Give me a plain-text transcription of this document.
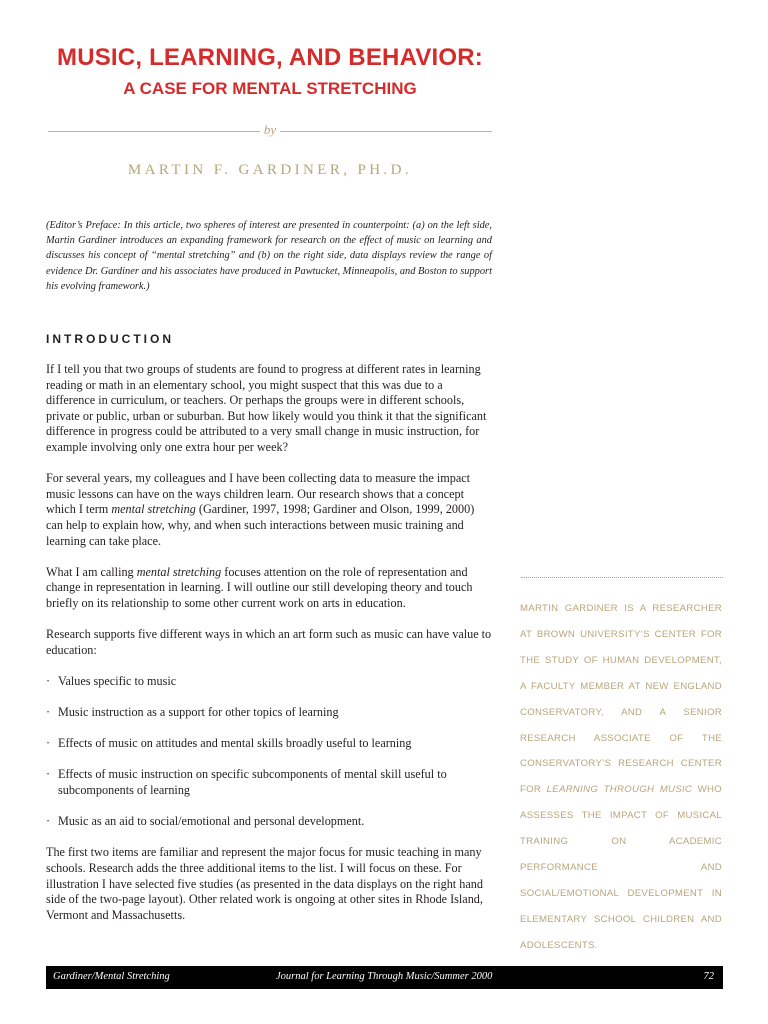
MUSIC, LEARNING, AND BEHAVIOR:
A CASE FOR MENTAL STRETCHING
by
MARTIN F. GARDINER, PH.D.

(Editor’s Preface: In this article, two spheres of interest are presented in counterpoint: (a) on the left side, Martin Gardiner introduces an expanding framework for research on the effect of music on learning and discusses his concept of “mental stretching” and (b) on the right side, data displays review the range of evidence Dr. Gardiner and his associates have produced in Pawtucket, Minneapolis, and Boston to support his evolving framework.)

INTRODUCTION

If I tell you that two groups of students are found to progress at different rates in learning reading or math in an elementary school, you might suspect that this was due to a difference in curriculum, or teachers. Or perhaps the groups were in different schools, private or public, urban or suburban. But how likely would you think it that the significant difference in progress could be attributed to a very small change in music instruction, for example involving only one extra hour per week?

For several years, my colleagues and I have been collecting data to measure the impact music lessons can have on the ways children learn. Our research shows that a concept which I term mental stretching (Gardiner, 1997, 1998; Gardiner and Olson, 1999, 2000) can help to explain how, why, and when such interactions between music training and learning can take place.

What I am calling mental stretching focuses attention on the role of representation and change in representation in learning. I will outline our still developing theory and touch briefly on its relationship to some other current work on arts in education.

Research supports five different ways in which an art form such as music can have value to education:

· Values specific to music
· Music instruction as a support for other topics of learning
· Effects of music on attitudes and mental skills broadly useful to learning
· Effects of music instruction on specific subcomponents of mental skill useful to subcomponents of learning
· Music as an aid to social/emotional and personal development.

The first two items are familiar and represent the major focus for music teaching in many schools. Research adds the three additional items to the list. I will focus on these. For illustration I have selected five studies (as presented in the data displays on the right hand side of the two-page layout). Other related work is ongoing at other sites in Rhode Island, Vermont and Massachusetts.

MARTIN GARDINER IS A RESEARCHER AT BROWN UNIVERSITY’S CENTER FOR THE STUDY OF HUMAN DEVELOPMENT, A FACULTY MEMBER AT NEW ENGLAND CONSERVATORY, AND A SENIOR RESEARCH ASSOCIATE OF THE CONSERVATORY’S RESEARCH CENTER FOR LEARNING THROUGH MUSIC WHO ASSESSES THE IMPACT OF MUSICAL TRAINING ON ACADEMIC PERFORMANCE AND SOCIAL/EMOTIONAL DEVELOPMENT IN ELEMENTARY SCHOOL CHILDREN AND ADOLESCENTS.
Gardiner/Mental Stretching	Journal for Learning Through Music/Summer 2000	72
